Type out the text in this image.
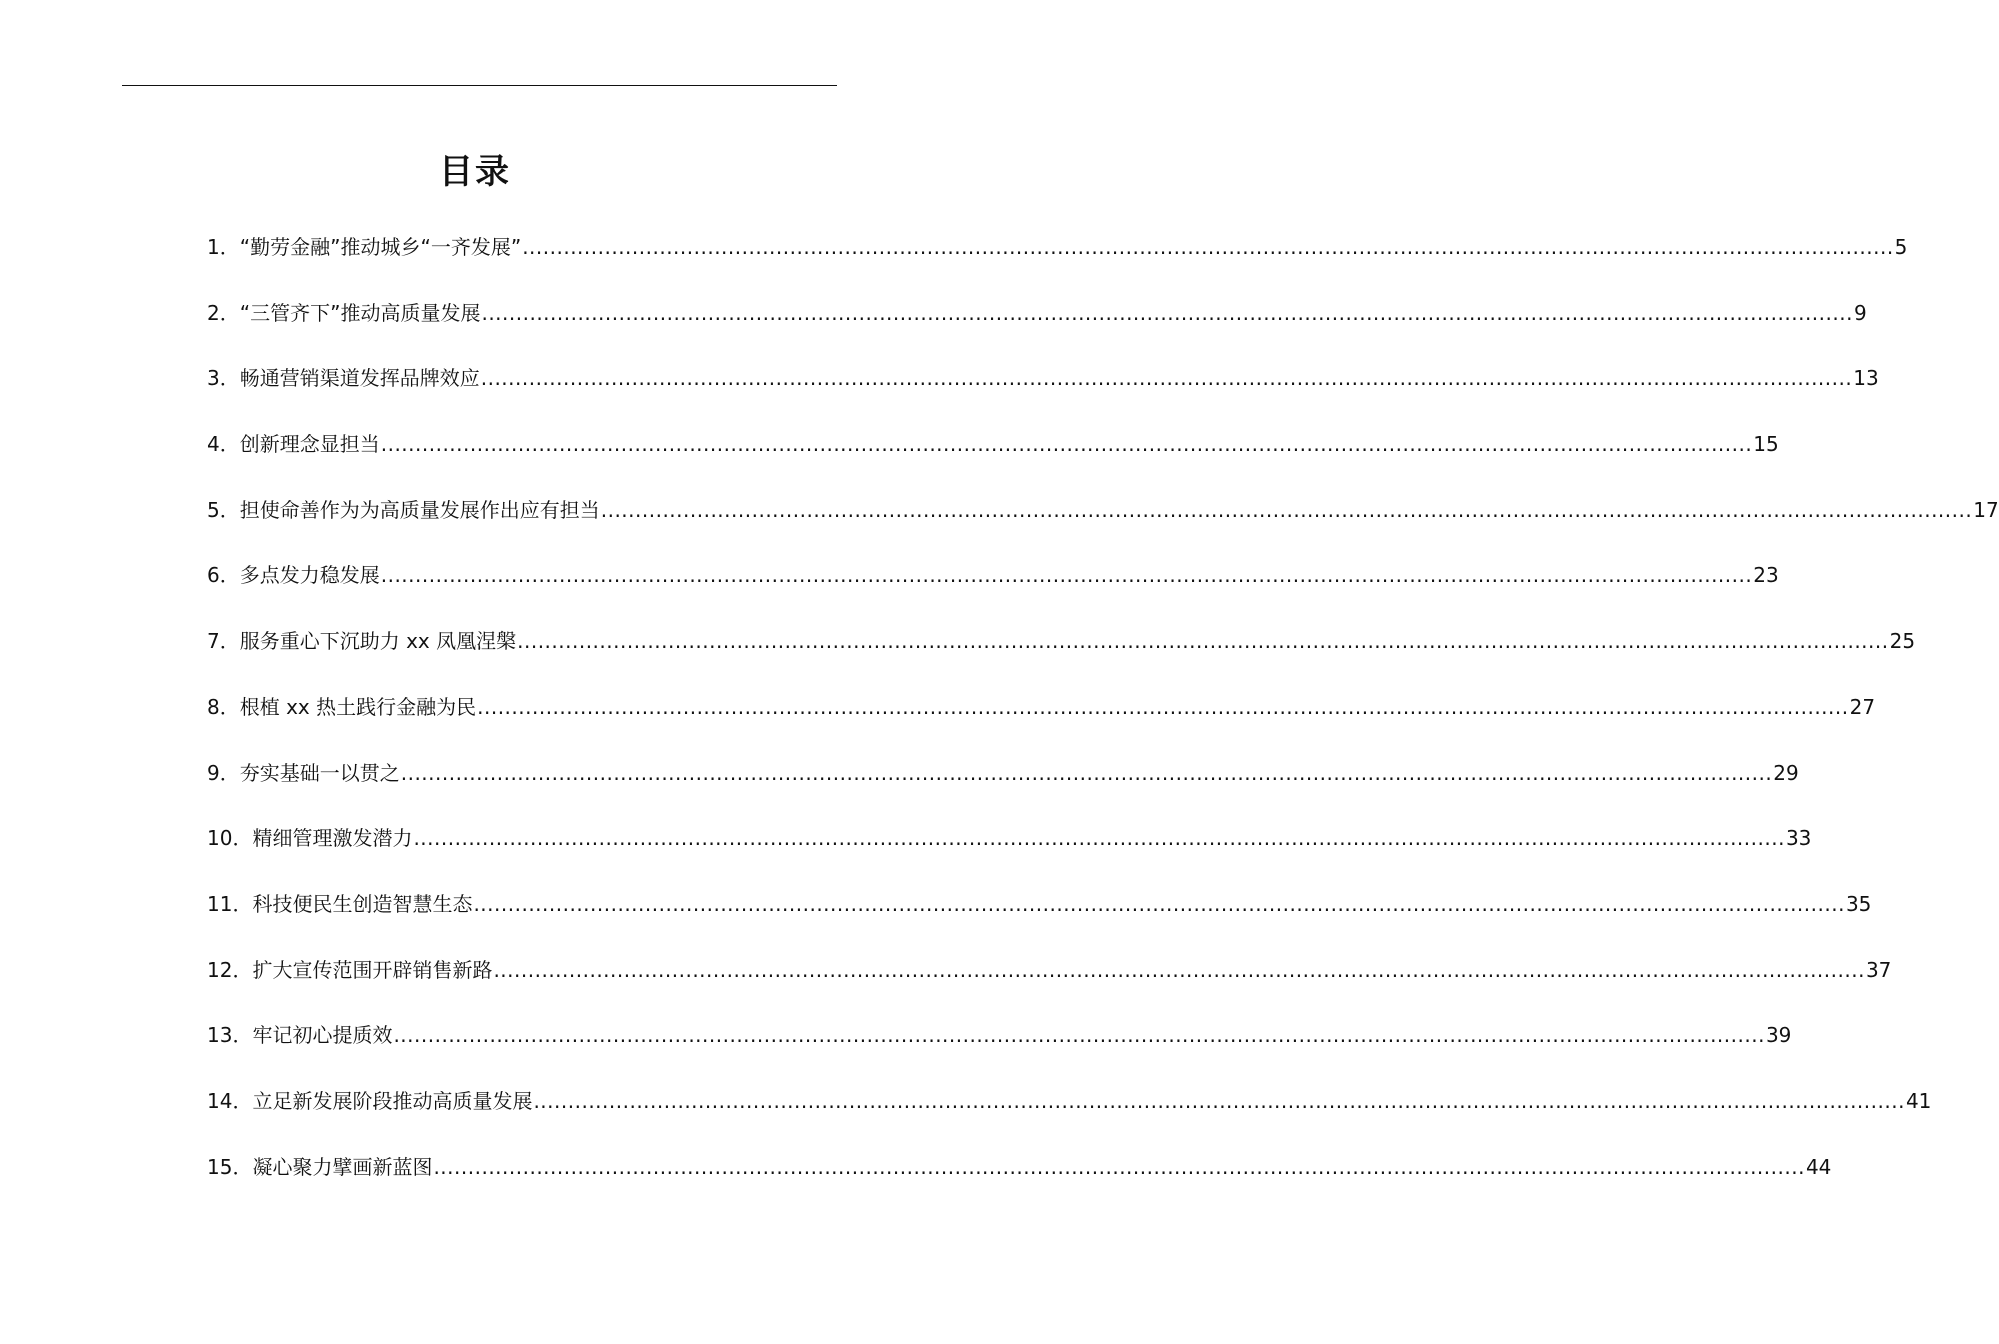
目录
1． “勤劳金融”推动城乡“一齐发展” ........................................................................................................................................................................................................ 5
2． “三管齐下”推动高质量发展 ........................................................................................................................................................................................................ 9
3． 畅通营销渠道发挥品牌效应 ........................................................................................................................................................................................................ 13
4． 创新理念显担当 ........................................................................................................................................................................................................ 15
5． 担使命善作为为高质量发展作出应有担当 ........................................................................................................................................................................................................ 17
6． 多点发力稳发展 ........................................................................................................................................................................................................ 23
7． 服务重心下沉助力 xx 凤凰涅槃 ........................................................................................................................................................................................................ 25
8． 根植 xx 热土践行金融为民 ........................................................................................................................................................................................................ 27
9． 夯实基础一以贯之 ........................................................................................................................................................................................................ 29
10． 精细管理激发潜力 ........................................................................................................................................................................................................ 33
11． 科技便民生创造智慧生态 ........................................................................................................................................................................................................ 35
12． 扩大宣传范围开辟销售新路 ........................................................................................................................................................................................................ 37
13． 牢记初心提质效 ........................................................................................................................................................................................................ 39
14． 立足新发展阶段推动高质量发展 ........................................................................................................................................................................................................ 41
15． 凝心聚力擘画新蓝图 ........................................................................................................................................................................................................ 44
